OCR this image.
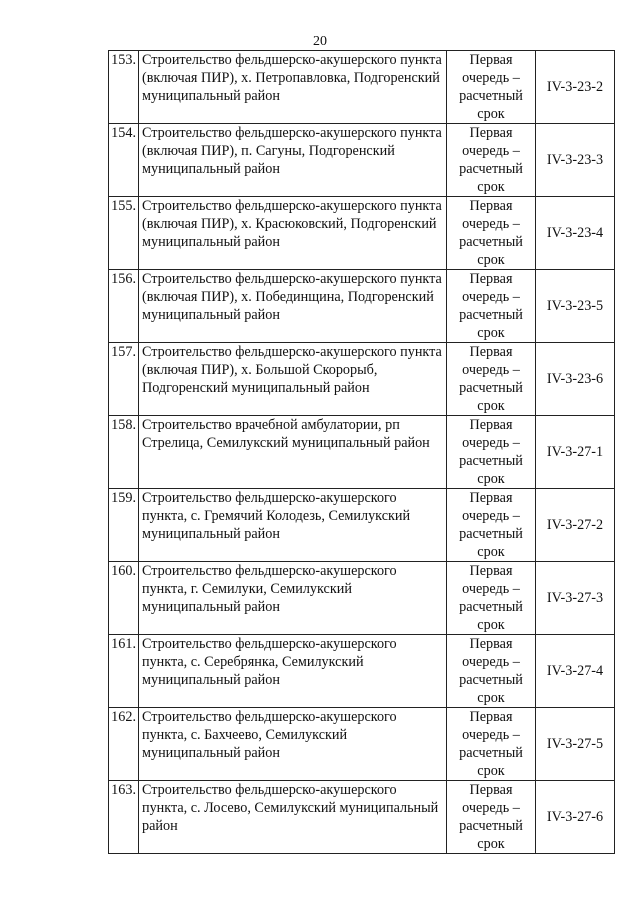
20
153.	Строительство фельдшерско-акушерского пункта (включая ПИР), х. Петропавловка, Подгоренский муниципальный район	Первая очередь – расчетный срок	IV-3-23-2
154.	Строительство фельдшерско-акушерского пункта (включая ПИР), п. Сагуны, Подгоренский муниципальный район	Первая очередь – расчетный срок	IV-3-23-3
155.	Строительство фельдшерско-акушерского пункта (включая ПИР), х. Красюковский, Подгоренский муниципальный район	Первая очередь – расчетный срок	IV-3-23-4
156.	Строительство фельдшерско-акушерского пункта (включая ПИР), х. Побединщина, Подгоренский муниципальный район	Первая очередь – расчетный срок	IV-3-23-5
157.	Строительство фельдшерско-акушерского пункта (включая ПИР), х. Большой Скорорыб, Подгоренский муниципальный район	Первая очередь – расчетный срок	IV-3-23-6
158.	Строительство врачебной амбулатории, рп Стрелица, Семилукский муниципальный район	Первая очередь – расчетный срок	IV-3-27-1
159.	Строительство фельдшерско-акушерского пункта, с. Гремячий Колодезь, Семилукский муниципальный район	Первая очередь – расчетный срок	IV-3-27-2
160.	Строительство фельдшерско-акушерского пункта, г. Семилуки, Семилукский муниципальный район	Первая очередь – расчетный срок	IV-3-27-3
161.	Строительство фельдшерско-акушерского пункта, с. Серебрянка, Семилукский муниципальный район	Первая очередь – расчетный срок	IV-3-27-4
162.	Строительство фельдшерско-акушерского пункта, с. Бахчеево, Семилукский муниципальный район	Первая очередь – расчетный срок	IV-3-27-5
163.	Строительство фельдшерско-акушерского пункта, с. Лосево, Семилукский муниципальный район	Первая очередь – расчетный срок	IV-3-27-6
